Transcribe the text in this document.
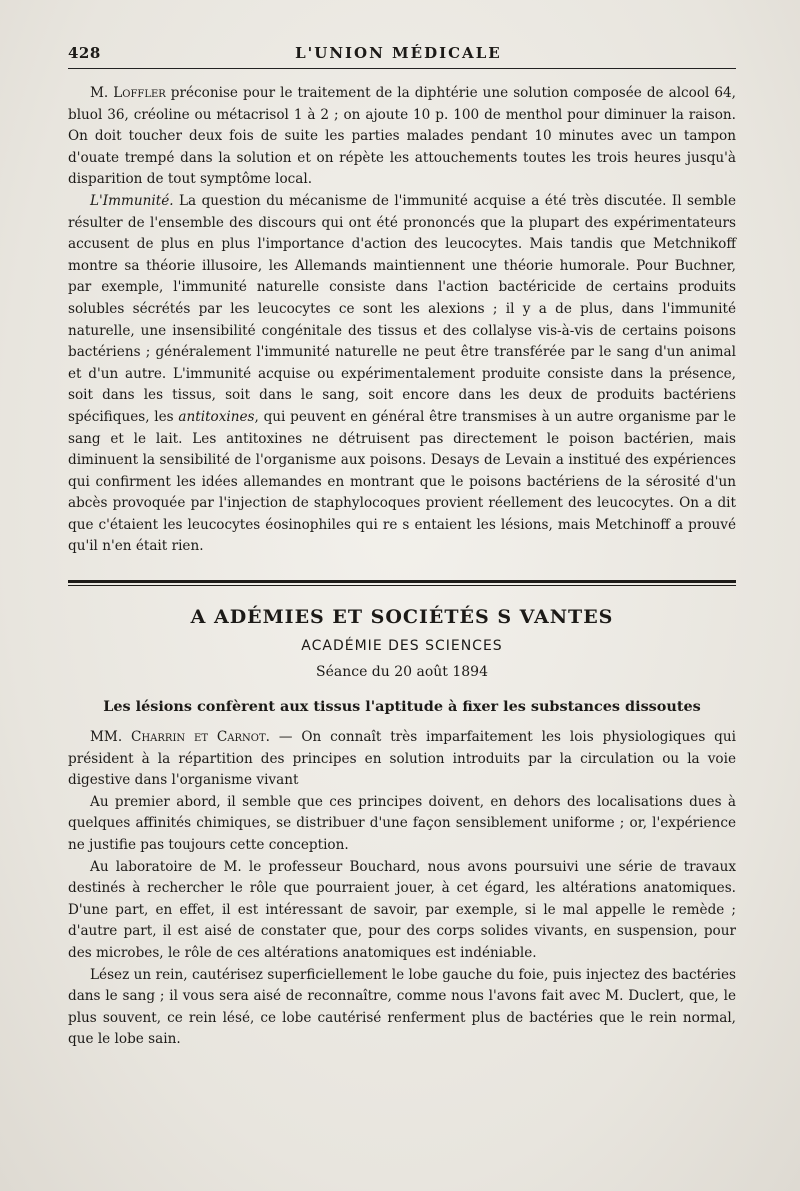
428	L'UNION MÉDICALE

M. Loffler préconise pour le traitement de la diphtérie une solution composée de alcool 64, bluol 36, créoline ou métacrisol 1 à 2 ; on ajoute 10 p. 100 de menthol pour diminuer la raison. On doit toucher deux fois de suite les parties malades pendant 10 minutes avec un tampon d'ouate trempé dans la solution et on répète les attouchements toutes les trois heures jusqu'à disparition de tout symptôme local.

L'Immunité. La question du mécanisme de l'immunité acquise a été très discutée. Il semble résulter de l'ensemble des discours qui ont été prononcés que la plupart des expérimentateurs accusent de plus en plus l'importance d'action des leucocytes. Mais tandis que Metchnikoff montre sa théorie illusoire, les Allemands maintiennent une théorie humorale. Pour Buchner, par exemple, l'immunité naturelle consiste dans l'action bactéricide de certains produits solubles sécrétés par les leucocytes ce sont les alexions ; il y a de plus, dans l'immunité naturelle, une insensibilité congénitale des tissus et des collalyse vis-à-vis de certains poisons bactériens ; généralement l'immunité naturelle ne peut être transférée par le sang d'un animal et d'un autre. L'immunité acquise ou expérimentalement produite consiste dans la présence, soit dans les tissus, soit dans le sang, soit encore dans les deux de produits bactériens spécifiques, les antitoxines, qui peuvent en général être transmises à un autre organisme par le sang et le lait. Les antitoxines ne détruisent pas directement le poison bactérien, mais diminuent la sensibilité de l'organisme aux poisons. Desays de Levain a institué des expériences qui confirment les idées allemandes en montrant que le poisons bactériens de la sérosité d'un abcès provoquée par l'injection de staphylocoques provient réellement des leucocytes. On a dit que c'étaient les leucocytes éosinophiles qui re s entaient les lésions, mais Metchinoff a prouvé qu'il n'en était rien.

A ADÉMIES ET SOCIÉTÉS S VANTES
ACADÉMIE DES SCIENCES
Séance du 20 août 1894
Les lésions confèrent aux tissus l'aptitude à fixer les substances dissoutes

MM. Charrin et Carnot. — On connaît très imparfaitement les lois physiologiques qui président à la répartition des principes en solution introduits par la circulation ou la voie digestive dans l'organisme vivant

Au premier abord, il semble que ces principes doivent, en dehors des localisations dues à quelques affinités chimiques, se distribuer d'une façon sensiblement uniforme ; or, l'expérience ne justifie pas toujours cette conception.

Au laboratoire de M. le professeur Bouchard, nous avons poursuivi une série de travaux destinés à rechercher le rôle que pourraient jouer, à cet égard, les altérations anatomiques. D'une part, en effet, il est intéressant de savoir, par exemple, si le mal appelle le remède ; d'autre part, il est aisé de constater que, pour des corps solides vivants, en suspension, pour des microbes, le rôle de ces altérations anatomiques est indéniable.

Lésez un rein, cautérisez superficiellement le lobe gauche du foie, puis injectez des bactéries dans le sang ; il vous sera aisé de reconnaître, comme nous l'avons fait avec M. Duclert, que, le plus souvent, ce rein lésé, ce lobe cautérisé renferment plus de bactéries que le rein normal, que le lobe sain.
